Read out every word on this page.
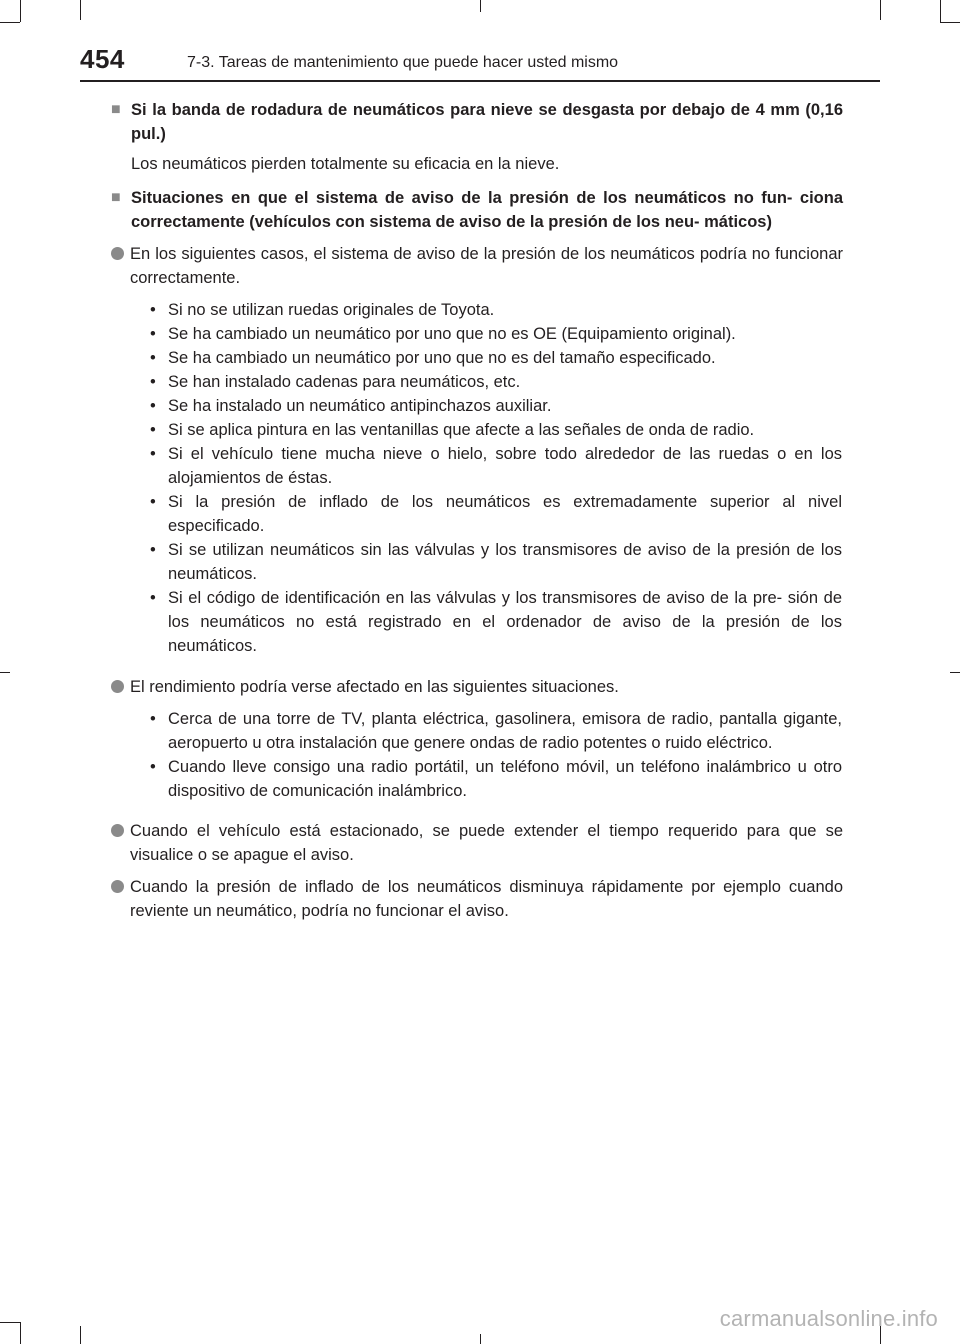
454	7-3. Tareas de mantenimiento que puede hacer usted mismo
■ Si la banda de rodadura de neumáticos para nieve se desgasta por debajo de 4 mm (0,16 pul.)
Los neumáticos pierden totalmente su eficacia en la nieve.
■ Situaciones en que el sistema de aviso de la presión de los neumáticos no fun- ciona correctamente (vehículos con sistema de aviso de la presión de los neu- máticos)
En los siguientes casos, el sistema de aviso de la presión de los neumáticos podría no funcionar correctamente.
• Si no se utilizan ruedas originales de Toyota.
• Se ha cambiado un neumático por uno que no es OE (Equipamiento original).
• Se ha cambiado un neumático por uno que no es del tamaño especificado.
• Se han instalado cadenas para neumáticos, etc.
• Se ha instalado un neumático antipinchazos auxiliar.
• Si se aplica pintura en las ventanillas que afecte a las señales de onda de radio.
• Si el vehículo tiene mucha nieve o hielo, sobre todo alrededor de las ruedas o en los alojamientos de éstas.
• Si la presión de inflado de los neumáticos es extremadamente superior al nivel especificado.
• Si se utilizan neumáticos sin las válvulas y los transmisores de aviso de la presión de los neumáticos.
• Si el código de identificación en las válvulas y los transmisores de aviso de la pre- sión de los neumáticos no está registrado en el ordenador de aviso de la presión de los neumáticos.
El rendimiento podría verse afectado en las siguientes situaciones.
• Cerca de una torre de TV, planta eléctrica, gasolinera, emisora de radio, pantalla gigante, aeropuerto u otra instalación que genere ondas de radio potentes o ruido eléctrico.
• Cuando lleve consigo una radio portátil, un teléfono móvil, un teléfono inalámbrico u otro dispositivo de comunicación inalámbrico.
Cuando el vehículo está estacionado, se puede extender el tiempo requerido para que se visualice o se apague el aviso.
Cuando la presión de inflado de los neumáticos disminuya rápidamente por ejemplo cuando reviente un neumático, podría no funcionar el aviso.
carmanualsonline.info
